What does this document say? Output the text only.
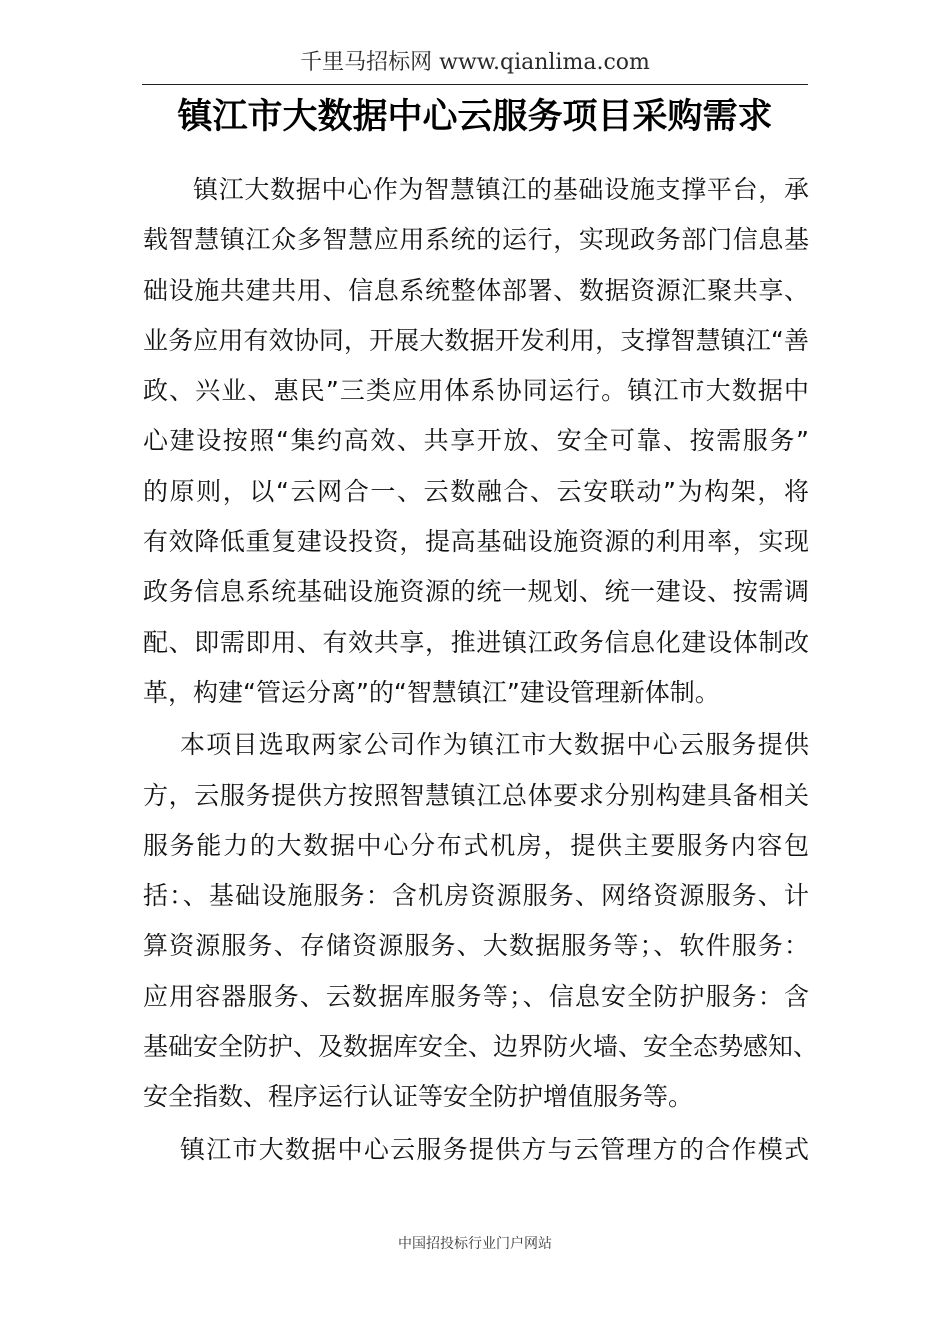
千里马招标网 www.qianlima.com
镇江市大数据中心云服务项目采购需求
镇江大数据中心作为智慧镇江的基础设施支撑平台，承
载智慧镇江众多智慧应用系统的运行，实现政务部门信息基
础设施共建共用、信息系统整体部署、数据资源汇聚共享、
业务应用有效协同，开展大数据开发利用，支撑智慧镇江“善
政、兴业、惠民”三类应用体系协同运行。镇江市大数据中
心建设按照“集约高效、共享开放、安全可靠、按需服务”
的原则，以“云网合一、云数融合、云安联动”为构架，将
有效降低重复建设投资，提高基础设施资源的利用率，实现
政务信息系统基础设施资源的统一规划、统一建设、按需调
配、即需即用、有效共享，推进镇江政务信息化建设体制改
革，构建“管运分离”的“智慧镇江”建设管理新体制。
本项目选取两家公司作为镇江市大数据中心云服务提供
方，云服务提供方按照智慧镇江总体要求分别构建具备相关
服务能力的大数据中心分布式机房，提供主要服务内容包
括：、基础设施服务：含机房资源服务、网络资源服务、计
算资源服务、存储资源服务、大数据服务等；、软件服务：
应用容器服务、云数据库服务等；、信息安全防护服务：含
基础安全防护、及数据库安全、边界防火墙、安全态势感知、
安全指数、程序运行认证等安全防护增值服务等。
镇江市大数据中心云服务提供方与云管理方的合作模式
中国招投标行业门户网站
